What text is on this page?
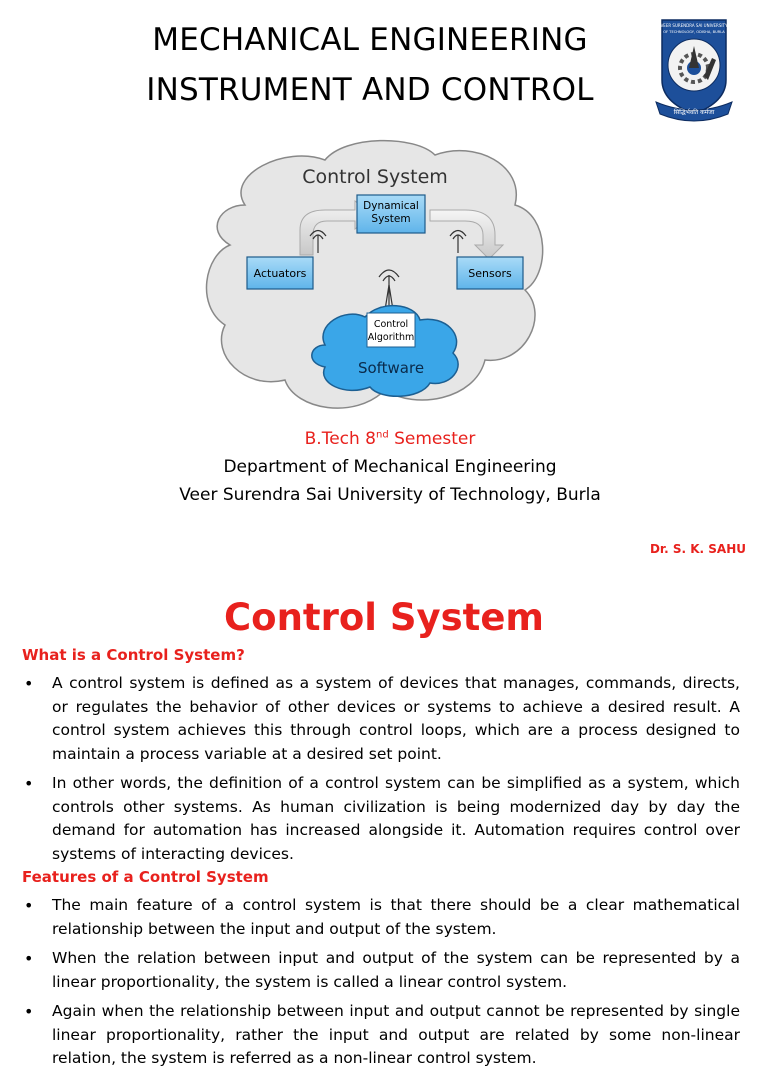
MECHANICAL ENGINEERING
INSTRUMENT AND CONTROL
VEER SURENDRA SAI UNIVERSITY
OF TECHNOLOGY, ODISHA, BURLA
सिद्धिर्भवति कर्मजा
Control System
Dynamical
System
Actuators	Sensors
Control
Algorithm
Software
B.Tech 8nd Semester
Department of Mechanical Engineering
Veer Surendra Sai University of Technology, Burla
Dr. S. K. SAHU
Control System
What is a Control System?
• A control system is defined as a system of devices that manages, commands, directs, or regulates the behavior of other devices or systems to achieve a desired result. A control system achieves this through control loops, which are a process designed to maintain a process variable at a desired set point.
• In other words, the definition of a control system can be simplified as a system, which controls other systems. As human civilization is being modernized day by day the demand for automation has increased alongside it. Automation requires control over systems of interacting devices.
Features of a Control System
• The main feature of a control system is that there should be a clear mathematical relationship between the input and output of the system.
• When the relation between input and output of the system can be represented by a linear proportionality, the system is called a linear control system.
• Again when the relationship between input and output cannot be represented by single linear proportionality, rather the input and output are related by some non-linear relation, the system is referred as a non-linear control system.
